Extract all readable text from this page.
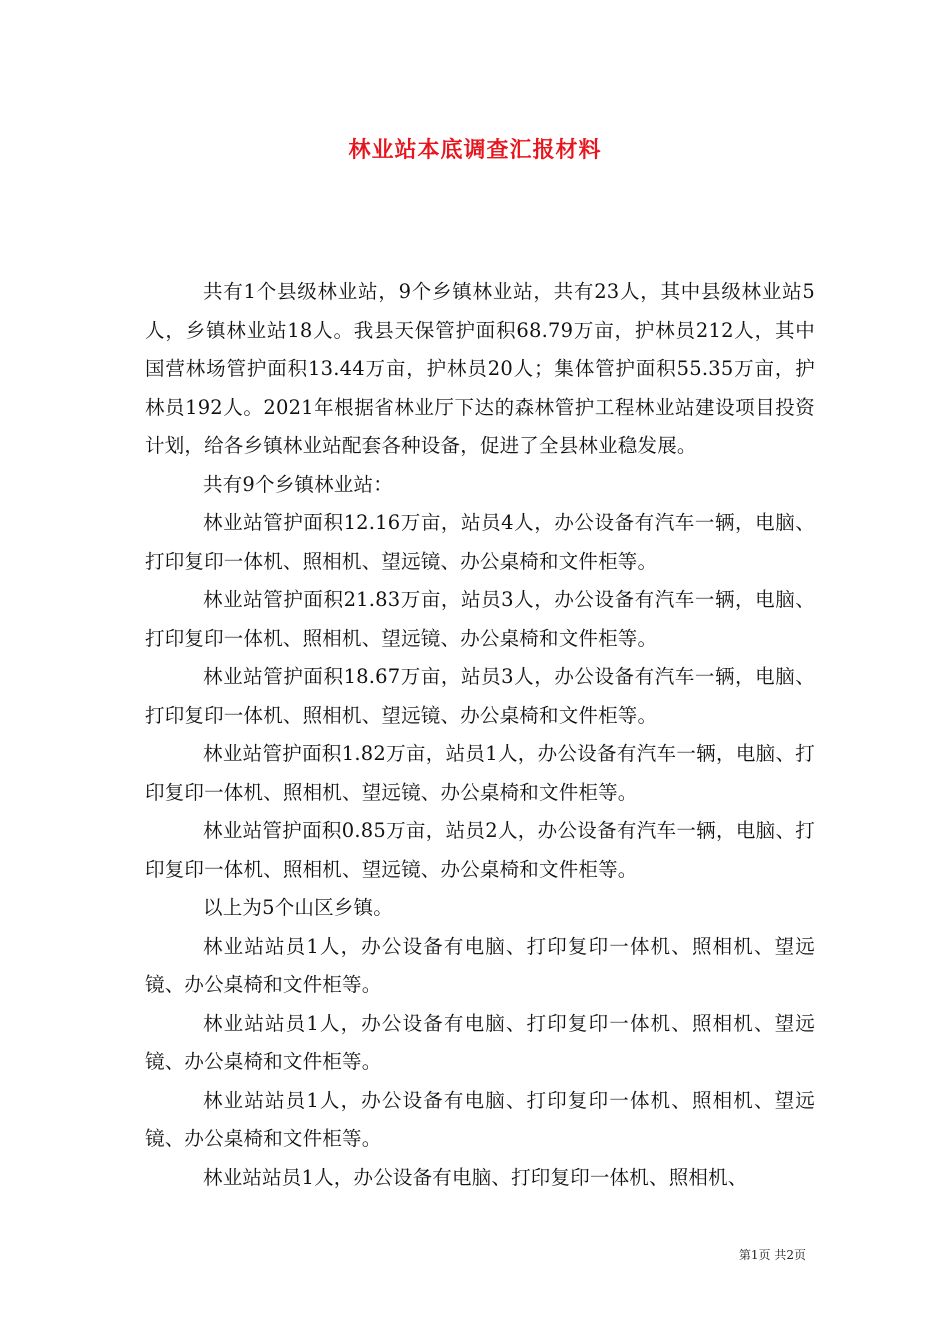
林业站本底调查汇报材料

共有1个县级林业站，9个乡镇林业站，共有23人，其中县级林业站5人，乡镇林业站18人。我县天保管护面积68.79万亩，护林员212人，其中国营林场管护面积13.44万亩，护林员20人；集体管护面积55.35万亩，护林员192人。2021年根据省林业厅下达的森林管护工程林业站建设项目投资计划，给各乡镇林业站配套各种设备，促进了全县林业稳发展。

共有9个乡镇林业站：

林业站管护面积12.16万亩，站员4人，办公设备有汽车一辆，电脑、打印复印一体机、照相机、望远镜、办公桌椅和文件柜等。

林业站管护面积21.83万亩，站员3人，办公设备有汽车一辆，电脑、打印复印一体机、照相机、望远镜、办公桌椅和文件柜等。

林业站管护面积18.67万亩，站员3人，办公设备有汽车一辆，电脑、打印复印一体机、照相机、望远镜、办公桌椅和文件柜等。

林业站管护面积1.82万亩，站员1人，办公设备有汽车一辆，电脑、打印复印一体机、照相机、望远镜、办公桌椅和文件柜等。

林业站管护面积0.85万亩，站员2人，办公设备有汽车一辆，电脑、打印复印一体机、照相机、望远镜、办公桌椅和文件柜等。

以上为5个山区乡镇。

林业站站员1人，办公设备有电脑、打印复印一体机、照相机、望远镜、办公桌椅和文件柜等。

林业站站员1人，办公设备有电脑、打印复印一体机、照相机、望远镜、办公桌椅和文件柜等。

林业站站员1人，办公设备有电脑、打印复印一体机、照相机、望远镜、办公桌椅和文件柜等。

林业站站员1人，办公设备有电脑、打印复印一体机、照相机、

第1页 共2页
